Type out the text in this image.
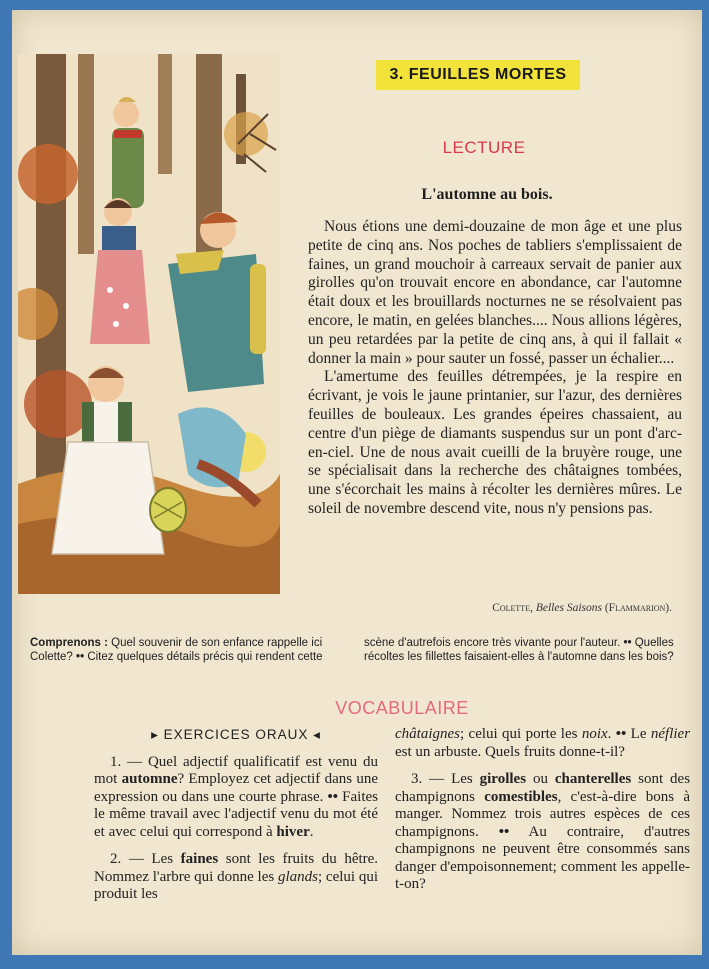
3. FEUILLES MORTES
LECTURE
L'automne au bois.

Nous étions une demi-douzaine de mon âge et une plus petite de cinq ans. Nos poches de tabliers s'emplissaient de faines, un grand mouchoir à carreaux servait de panier aux girolles qu'on trouvait encore en abondance, car l'automne était doux et les brouillards nocturnes ne se résolvaient pas encore, le matin, en gelées blanches.... Nous allions légères, un peu retardées par la petite de cinq ans, à qui il fallait « donner la main » pour sauter un fossé, passer un échalier....

L'amertume des feuilles détrempées, je la respire en écrivant, je vois le jaune printanier, sur l'azur, des dernières feuilles de bouleaux. Les grandes épeires chassaient, au centre d'un piège de diamants suspendus sur un pont d'arc-en-ciel. Une de nous avait cueilli de la bruyère rouge, une se spécialisait dans la recherche des châtaignes tombées, une s'écorchait les mains à récolter les dernières mûres. Le soleil de novembre descend vite, nous n'y pensions pas.

Colette, Belles Saisons (Flammarion).
Comprenons : Quel souvenir de son enfance rappelle ici Colette? •• Citez quelques détails précis qui rendent cette scène d'autrefois encore très vivante pour l'auteur. •• Quelles récoltes les fillettes faisaient-elles à l'automne dans les bois?
VOCABULAIRE
▸ EXERCICES ORAUX ◂

1. — Quel adjectif qualificatif est venu du mot automne? Employez cet adjectif dans une expression ou dans une courte phrase. •• Faites le même travail avec l'adjectif venu du mot été et avec celui qui correspond à hiver.

2. — Les faines sont les fruits du hêtre. Nommez l'arbre qui donne les glands; celui qui produit les

châtaignes; celui qui porte les noix. •• Le néflier est un arbuste. Quels fruits donne-t-il?

3. — Les girolles ou chanterelles sont des champignons comestibles, c'est-à-dire bons à manger. Nommez trois autres espèces de ces champignons. •• Au contraire, d'autres champignons ne peuvent être consommés sans danger d'empoisonnement; comment les appelle-t-on?
